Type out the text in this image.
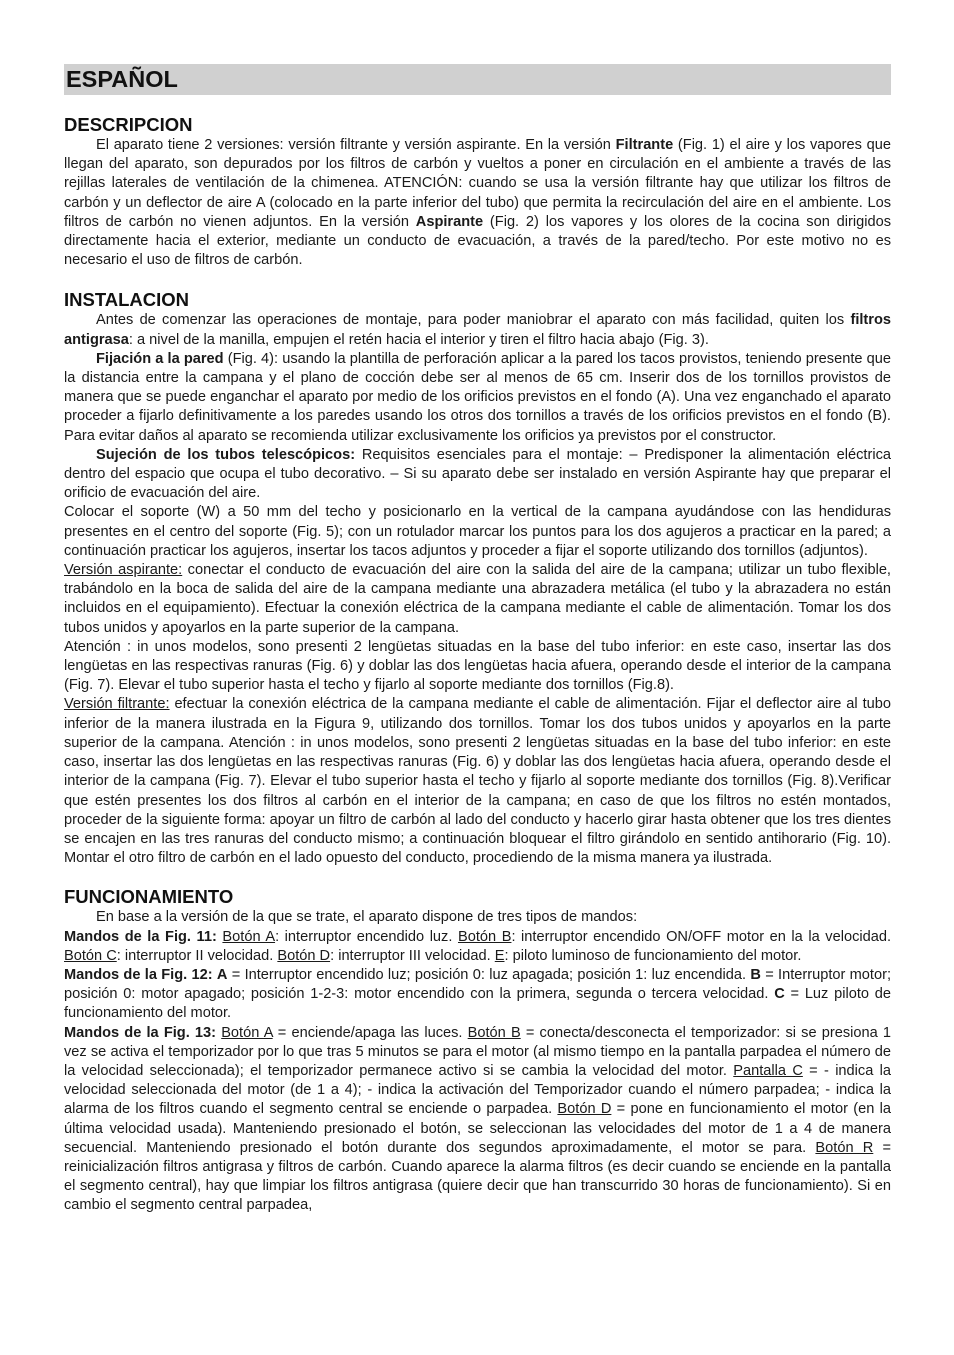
ESPAÑOL
DESCRIPCION

El aparato tiene 2 versiones: versión filtrante y versión aspirante. En la versión Filtrante (Fig. 1) el aire y los vapores que llegan del aparato, son depurados por los filtros de carbón y vueltos a poner en circulación en el ambiente a través de las rejillas laterales de ventilación de la chimenea. ATENCIÓN: cuando se usa la versión filtrante hay que utilizar los filtros de carbón y un deflector de aire A (colocado en la parte inferior del tubo) que permita la recirculación del aire en el ambiente. Los filtros de carbón no vienen adjuntos. En la versión Aspirante (Fig. 2) los vapores y los olores de la cocina son dirigidos directamente hacia el exterior, mediante un conducto de evacuación, a través de la pared/techo. Por este motivo no es necesario el uso de filtros de carbón.

INSTALACION

Antes de comenzar las operaciones de montaje, para poder maniobrar el aparato con más facilidad, quiten los filtros antigrasa: a nivel de la manilla, empujen el retén hacia el interior y tiren el filtro hacia abajo (Fig. 3).

Fijación a la pared (Fig. 4): usando la plantilla de perforación aplicar a la pared los tacos provistos, teniendo presente que la distancia entre la campana y el plano de cocción debe ser al menos de 65 cm. Inserir dos de los tornillos provistos de manera que se puede enganchar el aparato por medio de los orificios previstos en el fondo (A). Una vez enganchado el aparato proceder a fijarlo definitivamente a los paredes usando los otros dos tornillos a través de los orificios previstos en el fondo (B). Para evitar daños al aparato se recomienda utilizar exclusivamente los orificios ya previstos por el constructor.

Sujeción de los tubos telescópicos: Requisitos esenciales para el montaje: – Predisponer la alimentación eléctrica dentro del espacio que ocupa el tubo decorativo. – Si su aparato debe ser instalado en versión Aspirante hay que preparar el orificio de evacuación del aire.

Colocar el soporte (W) a 50 mm del techo y posicionarlo en la vertical de la campana ayudándose con las hendiduras presentes en el centro del soporte (Fig. 5); con un rotulador marcar los puntos para los dos agujeros a practicar en la pared; a continuación practicar los agujeros, insertar los tacos adjuntos y proceder a fijar el soporte utilizando dos tornillos (adjuntos).

Versión aspirante: conectar el conducto de evacuación del aire con la salida del aire de la campana; utilizar un tubo flexible, trabándolo en la boca de salida del aire de la campana mediante una abrazadera metálica (el tubo y la abrazadera no están incluidos en el equipamiento). Efectuar la conexión eléctrica de la campana mediante el cable de alimentación. Tomar los dos tubos unidos y apoyarlos en la parte superior de la campana.

Atención : in unos modelos, sono presenti 2 lengüetas situadas en la base del tubo inferior: en este caso, insertar las dos lengüetas en las respectivas ranuras (Fig. 6) y doblar las dos lengüetas hacia afuera, operando desde el interior de la campana (Fig. 7). Elevar el tubo superior hasta el techo y fijarlo al soporte mediante dos tornillos (Fig.8).

Versión filtrante: efectuar la conexión eléctrica de la campana mediante el cable de alimentación. Fijar el deflector aire al tubo inferior de la manera ilustrada en la Figura 9, utilizando dos tornillos. Tomar los dos tubos unidos y apoyarlos en la parte superior de la campana. Atención : in unos modelos, sono presenti 2 lengüetas situadas en la base del tubo inferior: en este caso, insertar las dos lengüetas en las respectivas ranuras (Fig. 6) y doblar las dos lengüetas hacia afuera, operando desde el interior de la campana (Fig. 7). Elevar el tubo superior hasta el techo y fijarlo al soporte mediante dos tornillos (Fig. 8).Verificar que estén presentes los dos filtros al carbón en el interior de la campana; en caso de que los filtros no estén montados, proceder de la siguiente forma: apoyar un filtro de carbón al lado del conducto y hacerlo girar hasta obtener que los tres dientes se encajen en las tres ranuras del conducto mismo; a continuación bloquear el filtro girándolo en sentido antihorario (Fig. 10). Montar el otro filtro de carbón en el lado opuesto del conducto, procediendo de la misma manera ya ilustrada.

FUNCIONAMIENTO

En base a la versión de la que se trate, el aparato dispone de tres tipos de mandos:

Mandos de la Fig. 11: Botón A: interruptor encendido luz. Botón B: interruptor encendido ON/OFF motor en la la velocidad. Botón C: interruptor II velocidad. Botón D: interruptor III velocidad. E: piloto luminoso de funcionamiento del motor.

Mandos de la Fig. 12: A = Interruptor encendido luz; posición 0: luz apagada; posición 1: luz encendida. B = Interruptor motor; posición 0: motor apagado; posición 1-2-3: motor encendido con la primera, segunda o tercera velocidad. C = Luz piloto de funcionamiento del motor.

Mandos de la Fig. 13: Botón A = enciende/apaga las luces. Botón B = conecta/desconecta el temporizador: si se presiona 1 vez se activa el temporizador por lo que tras 5 minutos se para el motor (al mismo tiempo en la pantalla parpadea el número de la velocidad seleccionada); el temporizador permanece activo si se cambia la velocidad del motor. Pantalla C = - indica la velocidad seleccionada del motor (de 1 a 4); - indica la activación del Temporizador cuando el número parpadea; - indica la alarma de los filtros cuando el segmento central se enciende o parpadea. Botón D = pone en funcionamiento el motor (en la última velocidad usada). Manteniendo presionado el botón, se seleccionan las velocidades del motor de 1 a 4 de manera secuencial. Manteniendo presionado el botón durante dos segundos aproximadamente, el motor se para. Botón R = reinicialización filtros antigrasa y filtros de carbón. Cuando aparece la alarma filtros (es decir cuando se enciende en la pantalla el segmento central), hay que limpiar los filtros antigrasa (quiere decir que han transcurrido 30 horas de funcionamiento). Si en cambio el segmento central parpadea,
